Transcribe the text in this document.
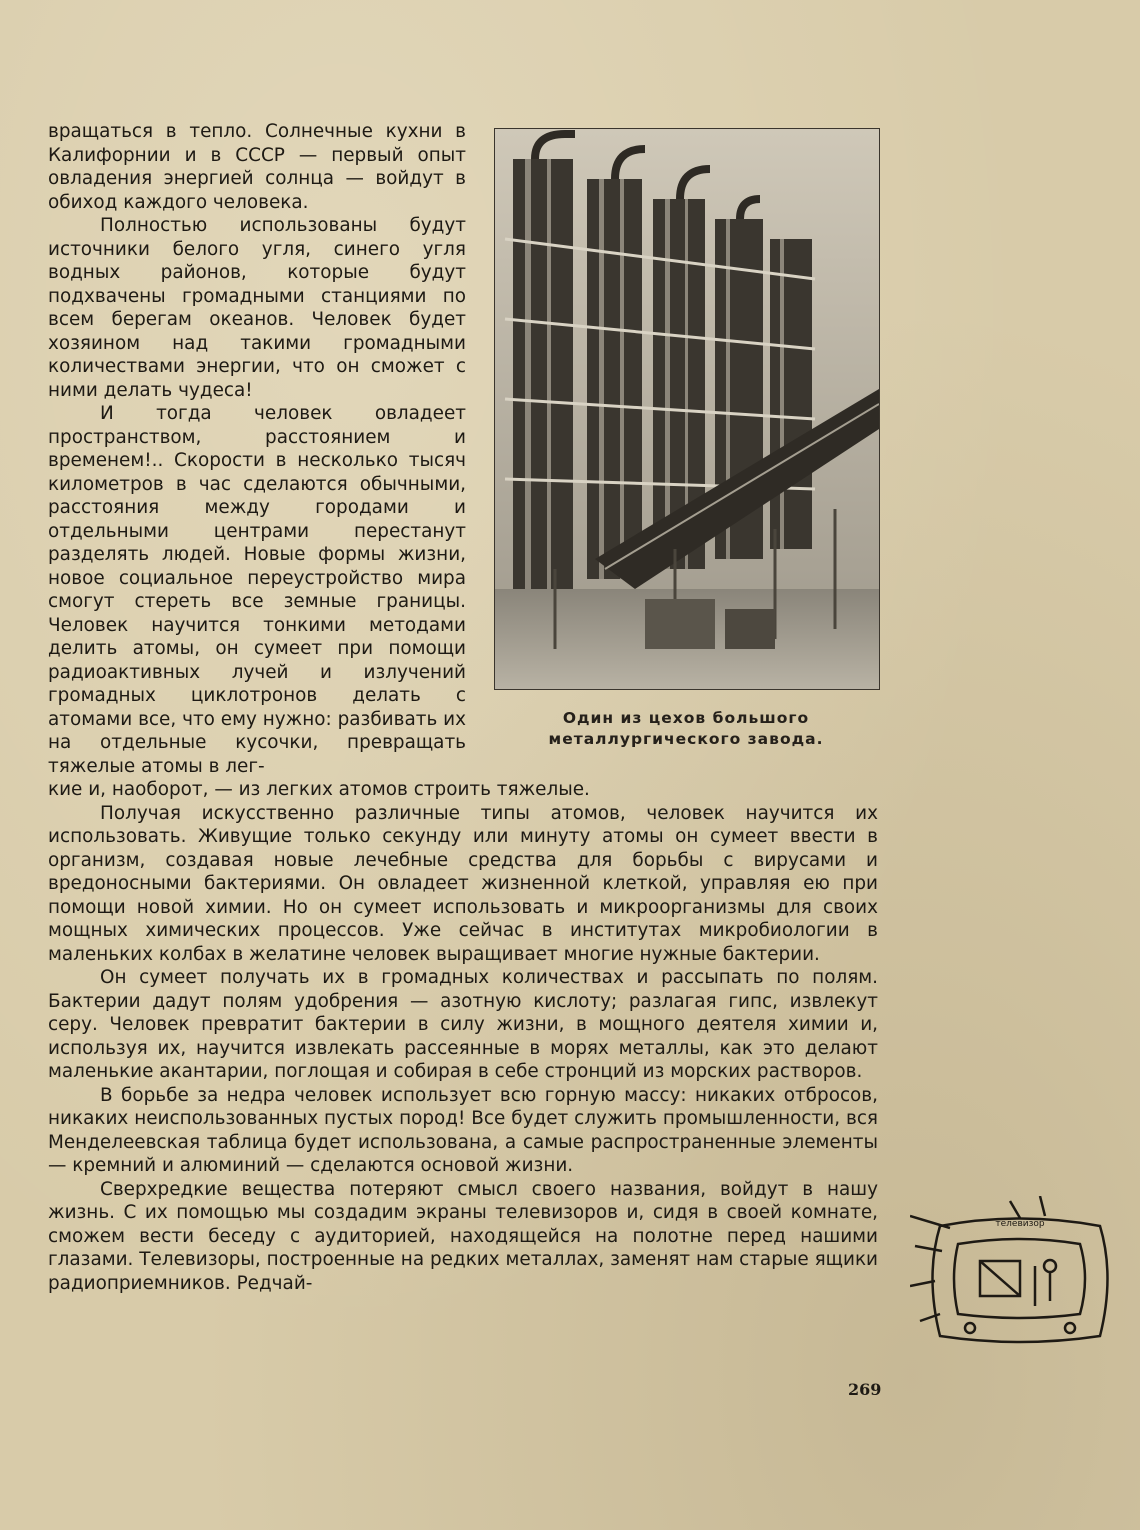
вращаться в тепло. Солнечные кухни в Калифорнии и в СССР — первый опыт овладения энергией солнца — войдут в обиход каждого человека.

Полностью использованы будут источники белого угля, синего угля водных районов, которые будут подхвачены громадными станциями по всем берегам океанов. Человек будет хозяином над такими громадными количествами энергии, что он сможет с ними делать чудеса!

И тогда человек овладеет пространством, расстоянием и временем!.. Скорости в несколько тысяч километров в час сделаются обычными, расстояния между городами и отдельными центрами перестанут разделять людей. Новые формы жизни, новое социальное переустройство мира смогут стереть все земные границы. Человек научится тонкими методами делить атомы, он сумеет при помощи радиоактивных лучей и излучений громадных циклотронов делать с атомами все, что ему нужно: разбивать их на отдельные кусочки, превращать тяжелые атомы в лег-

Один из цехов большого металлургического завода.

кие и, наоборот, — из легких атомов строить тяжелые.

Получая искусственно различные типы атомов, человек научится их использовать. Живущие только секунду или минуту атомы он сумеет ввести в организм, создавая новые лечебные средства для борьбы с вирусами и вредоносными бактериями. Он овладеет жизненной клеткой, управляя ею при помощи новой химии. Но он сумеет использовать и микроорганизмы для своих мощных химических процессов. Уже сейчас в институтах микробиологии в маленьких колбах в желатине человек выращивает многие нужные бактерии.

Он сумеет получать их в громадных количествах и рассыпать по полям. Бактерии дадут полям удобрения — азотную кислоту; разлагая гипс, извлекут серу. Человек превратит бактерии в силу жизни, в мощного деятеля химии и, используя их, научится извлекать рассеянные в морях металлы, как это делают маленькие акантарии, поглощая и собирая в себе стронций из морских растворов.

В борьбе за недра человек использует всю горную массу: никаких отбросов, никаких неиспользованных пустых пород! Все будет служить промышленности, вся Менделеевская таблица будет использована, а самые распространенные элементы — кремний и алюминий — сделаются основой жизни.

Сверхредкие вещества потеряют смысл своего названия, войдут в нашу жизнь. С их помощью мы создадим экраны телевизоров и, сидя в своей комнате, сможем вести беседу с аудиторией, находящейся на полотне перед нашими глазами. Телевизоры, построенные на редких металлах, заменят нам старые ящики радиоприемников. Редчай-

телевизор
269
